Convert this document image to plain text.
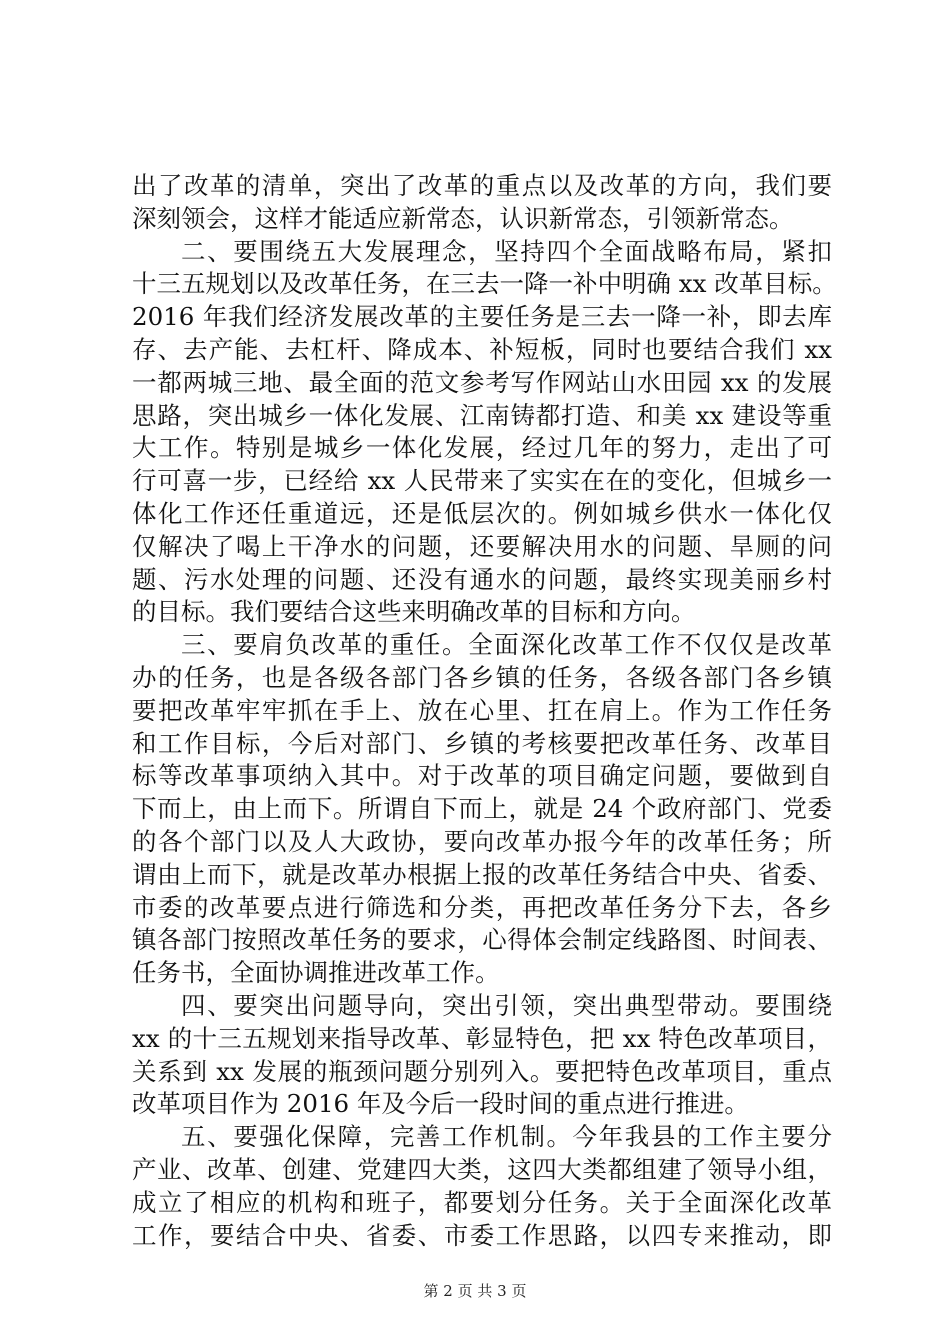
出了改革的清单，突出了改革的重点以及改革的方向，我们要
深刻领会，这样才能适应新常态，认识新常态，引领新常态。
二、要围绕五大发展理念，坚持四个全面战略布局，紧扣
十三五规划以及改革任务，在三去一降一补中明确 xx 改革目标。
2016 年我们经济发展改革的主要任务是三去一降一补，即去库
存、去产能、去杠杆、降成本、补短板，同时也要结合我们 xx
一都两城三地、最全面的范文参考写作网站山水田园 xx 的发展
思路，突出城乡一体化发展、江南铸都打造、和美 xx 建设等重
大工作。特别是城乡一体化发展，经过几年的努力，走出了可
行可喜一步，已经给 xx 人民带来了实实在在的变化，但城乡一
体化工作还任重道远，还是低层次的。例如城乡供水一体化仅
仅解决了喝上干净水的问题，还要解决用水的问题、旱厕的问
题、污水处理的问题、还没有通水的问题，最终实现美丽乡村
的目标。我们要结合这些来明确改革的目标和方向。
三、要肩负改革的重任。全面深化改革工作不仅仅是改革
办的任务，也是各级各部门各乡镇的任务，各级各部门各乡镇
要把改革牢牢抓在手上、放在心里、扛在肩上。作为工作任务
和工作目标，今后对部门、乡镇的考核要把改革任务、改革目
标等改革事项纳入其中。对于改革的项目确定问题，要做到自
下而上，由上而下。所谓自下而上，就是 24 个政府部门、党委
的各个部门以及人大政协，要向改革办报今年的改革任务；所
谓由上而下，就是改革办根据上报的改革任务结合中央、省委、
市委的改革要点进行筛选和分类，再把改革任务分下去，各乡
镇各部门按照改革任务的要求，心得体会制定线路图、时间表、
任务书，全面协调推进改革工作。
四、要突出问题导向，突出引领，突出典型带动。要围绕
xx 的十三五规划来指导改革、彰显特色，把 xx 特色改革项目，
关系到 xx 发展的瓶颈问题分别列入。要把特色改革项目，重点
改革项目作为 2016 年及今后一段时间的重点进行推进。
五、要强化保障，完善工作机制。今年我县的工作主要分
产业、改革、创建、党建四大类，这四大类都组建了领导小组，
成立了相应的机构和班子，都要划分任务。关于全面深化改革
工作，要结合中央、省委、市委工作思路，以四专来推动，即
第 2 页 共 3 页
